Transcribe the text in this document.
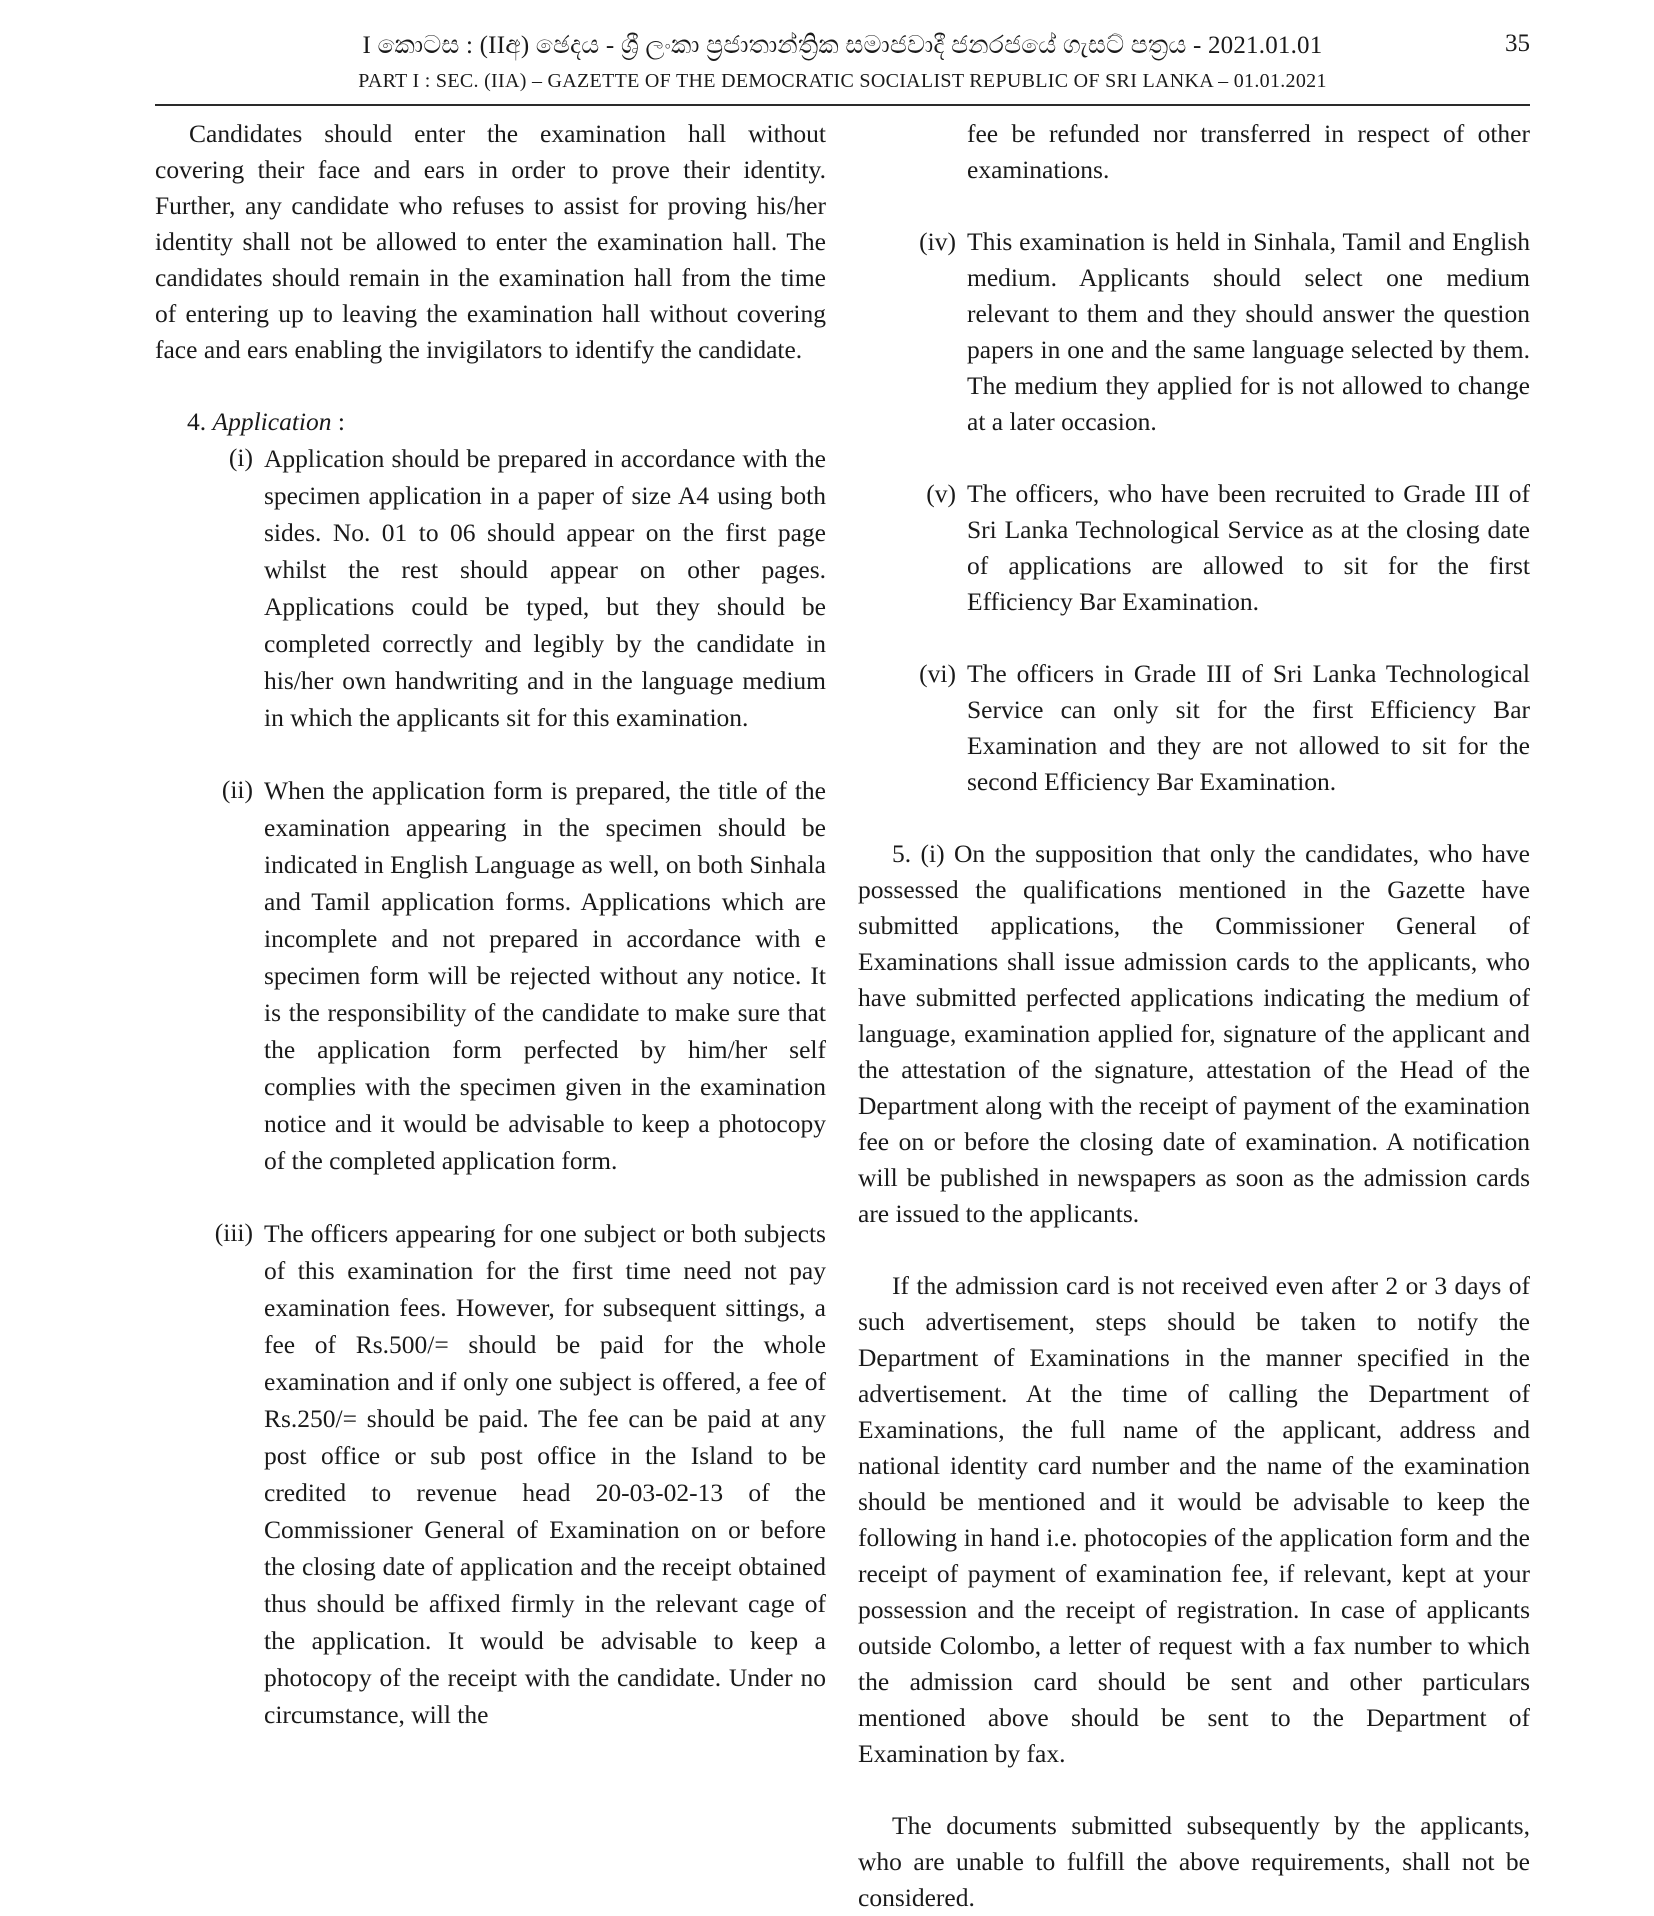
I කොටස : (IIඅ) ඡෙදය - ශ්‍රී ලංකා ප්‍රජාතාන්ත්‍රික සමාජවාදී ජනරජයේ ගැසට් පත්‍රය - 2021.01.01
PART I : SEC. (IIA) – GAZETTE OF THE DEMOCRATIC SOCIALIST REPUBLIC OF SRI LANKA – 01.01.2021
35

Candidates should enter the examination hall without covering their face and ears in order to prove their identity. Further, any candidate who refuses to assist for proving his/her identity shall not be allowed to enter the examination hall. The candidates should remain in the examination hall from the time of entering up to leaving the examination hall without covering face and ears enabling the invigilators to identify the candidate.

4. Application :

(i) Application should be prepared in accordance with the specimen application in a paper of size A4 using both sides. No. 01 to 06 should appear on the first page whilst the rest should appear on other pages. Applications could be typed, but they should be completed correctly and legibly by the candidate in his/her own handwriting and in the language medium in which the applicants sit for this examination.

(ii) When the application form is prepared, the title of the examination appearing in the specimen should be indicated in English Language as well, on both Sinhala and Tamil application forms. Applications which are incomplete and not prepared in accordance with e specimen form will be rejected without any notice. It is the responsibility of the candidate to make sure that the application form perfected by him/her self complies with the specimen given in the examination notice and it would be advisable to keep a photocopy of the completed application form.

(iii) The officers appearing for one subject or both subjects of this examination for the first time need not pay examination fees. However, for subsequent sittings, a fee of Rs.500/= should be paid for the whole examination and if only one subject is offered, a fee of Rs.250/= should be paid. The fee can be paid at any post office or sub post office in the Island to be credited to revenue head 20-03-02-13 of the Commissioner General of Examination on or before the closing date of application and the receipt obtained thus should be affixed firmly in the relevant cage of the application. It would be advisable to keep a photocopy of the receipt with the candidate. Under no circumstance, will the

fee be refunded nor transferred in respect of other examinations.

(iv) This examination is held in Sinhala, Tamil and English medium. Applicants should select one medium relevant to them and they should answer the question papers in one and the same language selected by them. The medium they applied for is not allowed to change at a later occasion.

(v) The officers, who have been recruited to Grade III of Sri Lanka Technological Service as at the closing date of applications are allowed to sit for the first Efficiency Bar Examination.

(vi) The officers in Grade III of Sri Lanka Technological Service can only sit for the first Efficiency Bar Examination and they are not allowed to sit for the second Efficiency Bar Examination.

5. (i) On the supposition that only the candidates, who have possessed the qualifications mentioned in the Gazette have submitted applications, the Commissioner General of Examinations shall issue admission cards to the applicants, who have submitted perfected applications indicating the medium of language, examination applied for, signature of the applicant and the attestation of the signature, attestation of the Head of the Department along with the receipt of payment of the examination fee on or before the closing date of examination. A notification will be published in newspapers as soon as the admission cards are issued to the applicants.

If the admission card is not received even after 2 or 3 days of such advertisement, steps should be taken to notify the Department of Examinations in the manner specified in the advertisement. At the time of calling the Department of Examinations, the full name of the applicant, address and national identity card number and the name of the examination should be mentioned and it would be advisable to keep the following in hand i.e. photocopies of the application form and the receipt of payment of examination fee, if relevant, kept at your possession and the receipt of registration. In case of applicants outside Colombo, a letter of request with a fax number to which the admission card should be sent and other particulars mentioned above should be sent to the Department of Examination by fax.

The documents submitted subsequently by the applicants, who are unable to fulfill the above requirements, shall not be considered.
